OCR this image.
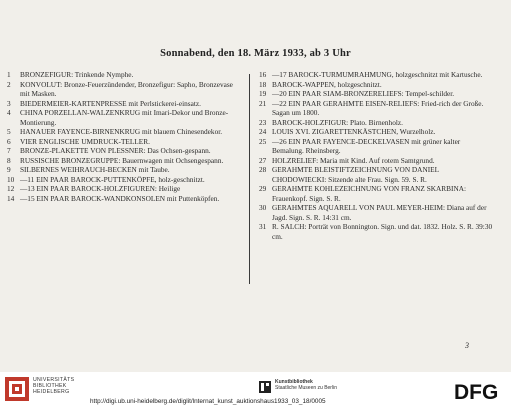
Sonnabend, den 18. März 1933, ab 3 Uhr
1	BRONZEFIGUR: Trinkende Nymphe.
2	KONVOLUT: Bronze-Feuerzündender, Bronzefigur: Sapho, Bronzevase mit Masken.
3	BIEDERMEIER-KARTENPRESSE mit Perlstickerei-einsatz.
4	CHINA PORZELLAN-WALZENKRUG mit Imari-Dekor und Bronze-Montierung.
5	HANAUER FAYENCE-BIRNENKRUG mit blauem Chinesendekor.
6	VIER ENGLISCHE UMDRUCK-TELLER.
7	BRONZE-PLAKETTE VON PLESSNER: Das Ochsen-gespann.
8	RUSSISCHE BRONZEGRUPPE: Bauernwagen mit Ochsengespann.
9	SILBERNES WEIHRAUCH-BECKEN mit Taube.
10 —11 EIN PAAR BAROCK-PUTTENKÖPFE, holz-geschnitzt.
12 —13 EIN PAAR BAROCK-HOLZFIGUREN: Heilige
14 —15 EIN PAAR BAROCK-WANDKONSOLEN mit Puttenköpfen.
16 —17 BAROCK-TURMUMRAHMUNG, holzgeschnitzt mit Kartusche.
18 BAROCK-WAPPEN, holzgeschnitzt.
19 —20 EIN PAAR SIAM-BRONZERELIEFS: Tempel-schilder.
21 —22 EIN PAAR GERAHMTE EISEN-RELIEFS: Fried-rich der Große. Sagan um 1800.
23 BAROCK-HOLZFIGUR: Plato. Birnenholz.
24 LOUIS XVI. ZIGARETTENKÄSTCHEN, Wurzelholz.
25 —26 EIN PAAR FAYENCE-DECKELVASEN mit grüner kalter Bemalung. Rheinsberg.
27 HOLZRELIEF: Maria mit Kind. Auf rotem Samtgrund.
28 GERAHMTE BLEISTIFTZEICHNUNG VON DANIEL CHODOWIECKI: Sitzende alte Frau. Sign. 59. S. R.
29 GERAHMTE KOHLEZEICHNUNG VON FRANZ SKARBINA: Frauenkopf. Sign. S. R.
30 GERAHMTES AQUARELL VON PAUL MEYER-HEIM: Diana auf der Jagd. Sign. S. R. 14:31 cm.
31 R. SALCH: Porträt von Bonnington. Sign. und dat. 1832. Holz. S. R. 39:30 cm.
3
UNIVERSITÄTS
BIBLIOTHEK
HEIDELBERG
http://digi.ub.uni-heidelberg.de/diglit/lnternat_kunst_auktionshaus1933_03_18/0005
Kunstbibliothek
Staatliche Museen zu Berlin	DFG
